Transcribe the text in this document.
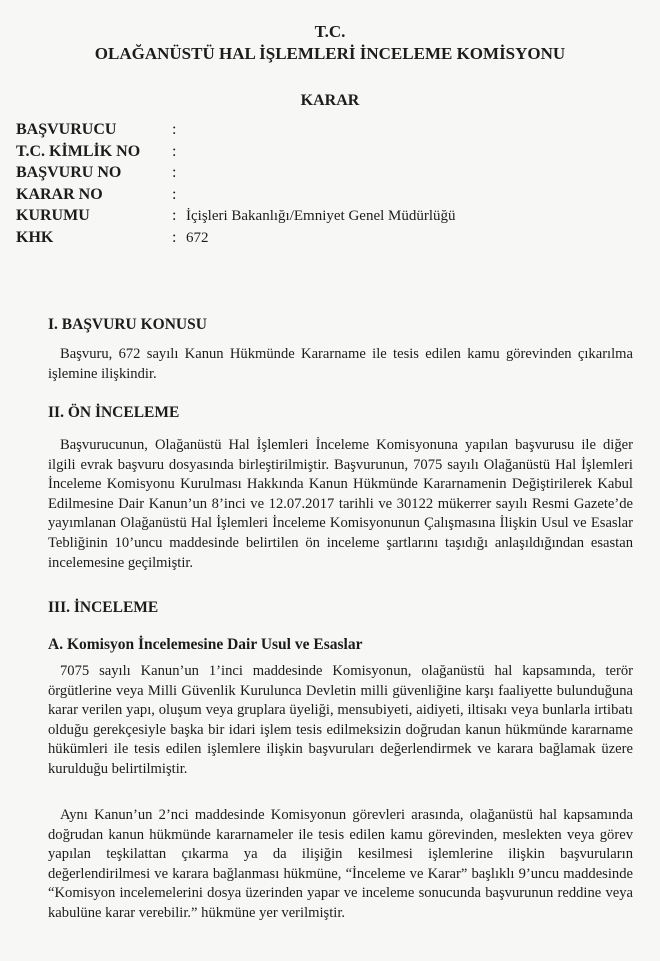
T.C.
OLAĞANÜSTÜ HAL İŞLEMLERİ İNCELEME KOMİSYONU
KARAR
BAŞVURUCU	:
T.C. KİMLİK NO	:
BAŞVURU NO	:
KARAR NO	:
KURUMU	: İçişleri Bakanlığı/Emniyet Genel Müdürlüğü
KHK	: 672
I. BAŞVURU KONUSU
Başvuru, 672 sayılı Kanun Hükmünde Kararname ile tesis edilen kamu görevinden çıkarılma işlemine ilişkindir.
II. ÖN İNCELEME
Başvurucunun, Olağanüstü Hal İşlemleri İnceleme Komisyonuna yapılan başvurusu ile diğer ilgili evrak başvuru dosyasında birleştirilmiştir. Başvurunun, 7075 sayılı Olağanüstü Hal İşlemleri İnceleme Komisyonu Kurulması Hakkında Kanun Hükmünde Kararnamenin Değiştirilerek Kabul Edilmesine Dair Kanun’un 8’inci ve 12.07.2017 tarihli ve 30122 mükerrer sayılı Resmi Gazete’de yayımlanan Olağanüstü Hal İşlemleri İnceleme Komisyonunun Çalışmasına İlişkin Usul ve Esaslar Tebliğinin 10’uncu maddesinde belirtilen ön inceleme şartlarını taşıdığı anlaşıldığından esastan incelemesine geçilmiştir.
III. İNCELEME
A. Komisyon İncelemesine Dair Usul ve Esaslar
7075 sayılı Kanun’un 1’inci maddesinde Komisyonun, olağanüstü hal kapsamında, terör örgütlerine veya Milli Güvenlik Kurulunca Devletin milli güvenliğine karşı faaliyette bulunduğuna karar verilen yapı, oluşum veya gruplara üyeliği, mensubiyeti, aidiyeti, iltisakı veya bunlarla irtibatı olduğu gerekçesiyle başka bir idari işlem tesis edilmeksizin doğrudan kanun hükmünde kararname hükümleri ile tesis edilen işlemlere ilişkin başvuruları değerlendirmek ve karara bağlamak üzere kurulduğu belirtilmiştir.
Aynı Kanun’un 2’nci maddesinde Komisyonun görevleri arasında, olağanüstü hal kapsamında doğrudan kanun hükmünde kararnameler ile tesis edilen kamu görevinden, meslekten veya görev yapılan teşkilattan çıkarma ya da ilişiğin kesilmesi işlemlerine ilişkin başvuruların değerlendirilmesi ve karara bağlanması hükmüne, “İnceleme ve Karar” başlıklı 9’uncu maddesinde “Komisyon incelemelerini dosya üzerinden yapar ve inceleme sonucunda başvurunun reddine veya kabulüne karar verebilir.” hükmüne yer verilmiştir.
